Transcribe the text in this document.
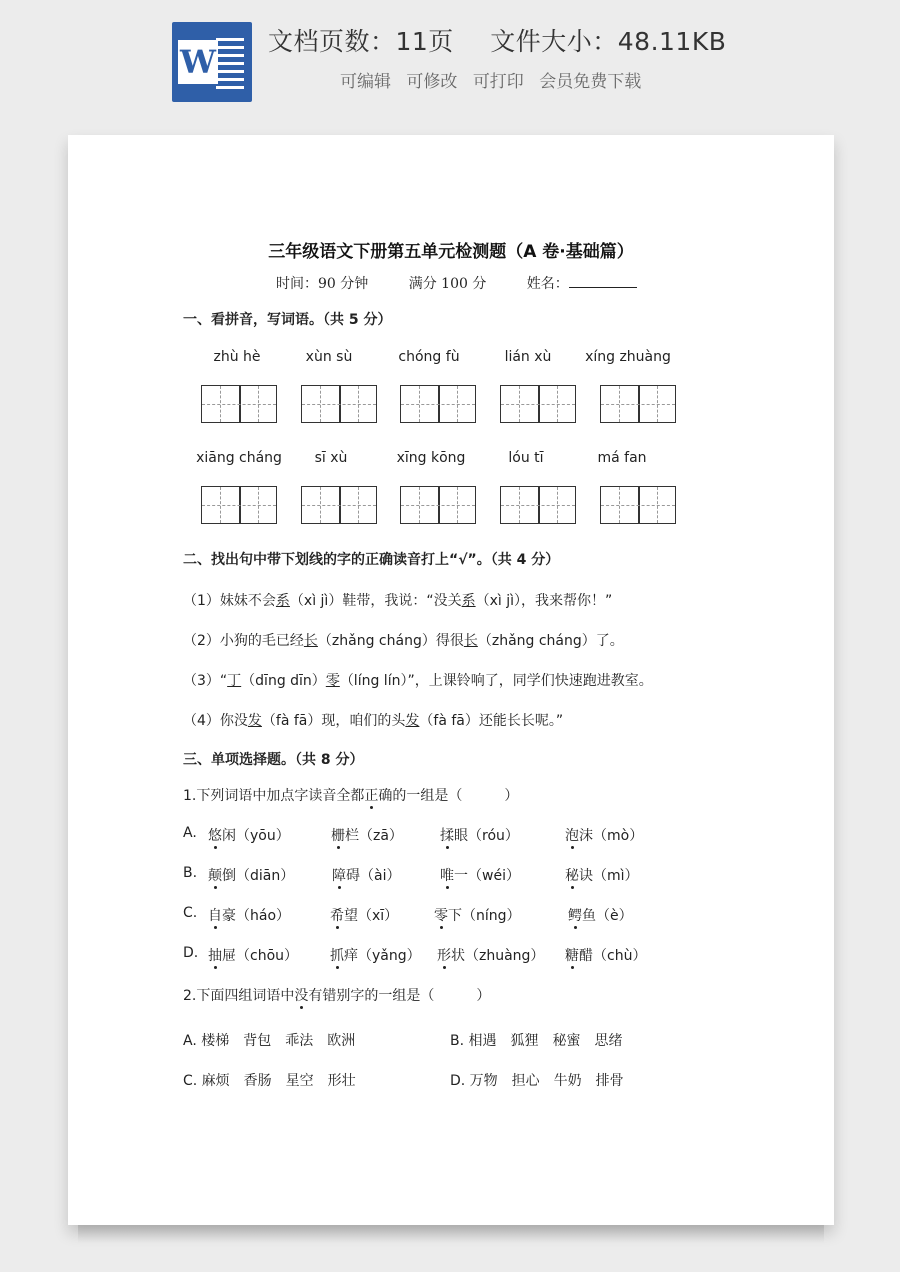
W
文档页数：11页 文件大小：48.11KB
可编辑 可修改 可打印 会员免费下载
三年级语文下册第五单元检测题（A 卷·基础篇）
时间：90 分钟	满分 100 分	姓名：
一、看拼音，写词语。（共 5 分）
zhù hè	xùn sù	chóng fù	lián xù	xíng zhuàng
xiāng cháng	sī xù	xīng kōng	lóu tī	má fan
二、找出句中带下划线的字的正确读音打上“√”。（共 4 分）
（1）妹妹不会系（xì jì）鞋带，我说：“没关系（xì jì），我来帮你！”
（2）小狗的毛已经长（zhǎng cháng）得很长（zhǎng cháng）了。
（3）“丁（dīng dīn）零（líng lín）”，上课铃响了，同学们快速跑进教室。
（4）你没发（fà fā）现，咱们的头发（fà fā）还能长长呢。”
三、单项选择题。（共 8 分）
1.下列词语中加点字读音全都正确的一组是（　　　）
A. 悠闲（yōu）	栅栏（zā）	揉眼（róu）	泡沫（mò）
B. 颠倒（diān）	障碍（ài）	唯一（wéi）	秘诀（mì）
C. 自豪（háo）	希望（xī）	零下（níng）	鳄鱼（è）
D. 抽屉（chōu） 抓痒（yǎng） 形状（zhuàng） 糖醋（chù）
2.下面四组词语中没有错别字的一组是（　　　）
A. 楼梯　背包　乖法　欧洲	B. 相遇　狐狸　秘蜜　思绪
C. 麻烦　香肠　星空　形壮	D. 万物　担心　牛奶　排骨
